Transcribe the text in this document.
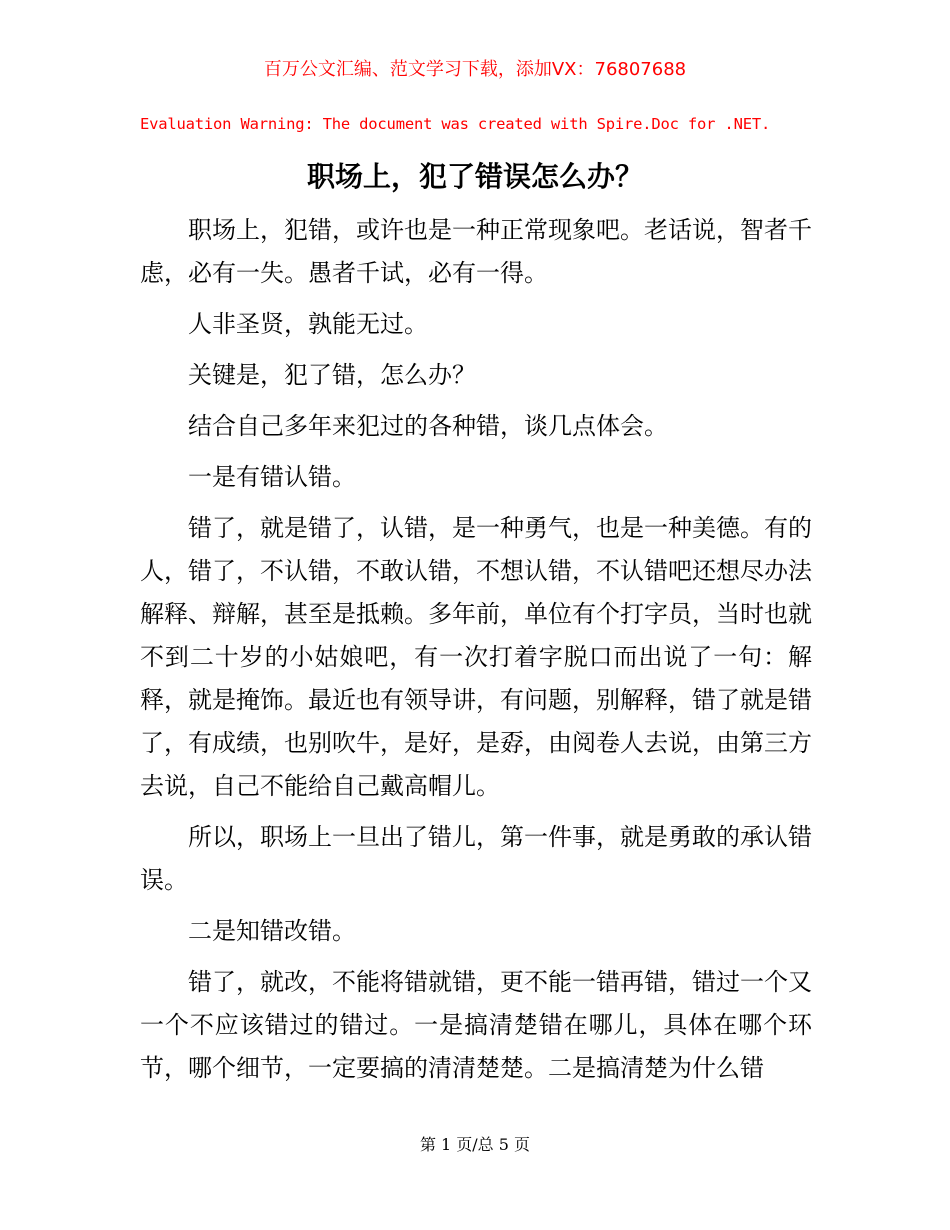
百万公文汇编、范文学习下载，添加VX：76807688
Evaluation Warning: The document was created with Spire.Doc for .NET.
职场上，犯了错误怎么办？

职场上，犯错，或许也是一种正常现象吧。老话说，智者千虑，必有一失。愚者千试，必有一得。

人非圣贤，孰能无过。

关键是，犯了错，怎么办？

结合自己多年来犯过的各种错，谈几点体会。

一是有错认错。

错了，就是错了，认错，是一种勇气，也是一种美德。有的人，错了，不认错，不敢认错，不想认错，不认错吧还想尽办法解释、辩解，甚至是抵赖。多年前，单位有个打字员，当时也就不到二十岁的小姑娘吧，有一次打着字脱口而出说了一句：解释，就是掩饰。最近也有领导讲，有问题，别解释，错了就是错了，有成绩，也别吹牛，是好，是孬，由阅卷人去说，由第三方去说，自己不能给自己戴高帽儿。

所以，职场上一旦出了错儿，第一件事，就是勇敢的承认错误。

二是知错改错。

错了，就改，不能将错就错，更不能一错再错，错过一个又一个不应该错过的错过。一是搞清楚错在哪儿，具体在哪个环节，哪个细节，一定要搞的清清楚楚。二是搞清楚为什么错

第 1 页/总 5 页
